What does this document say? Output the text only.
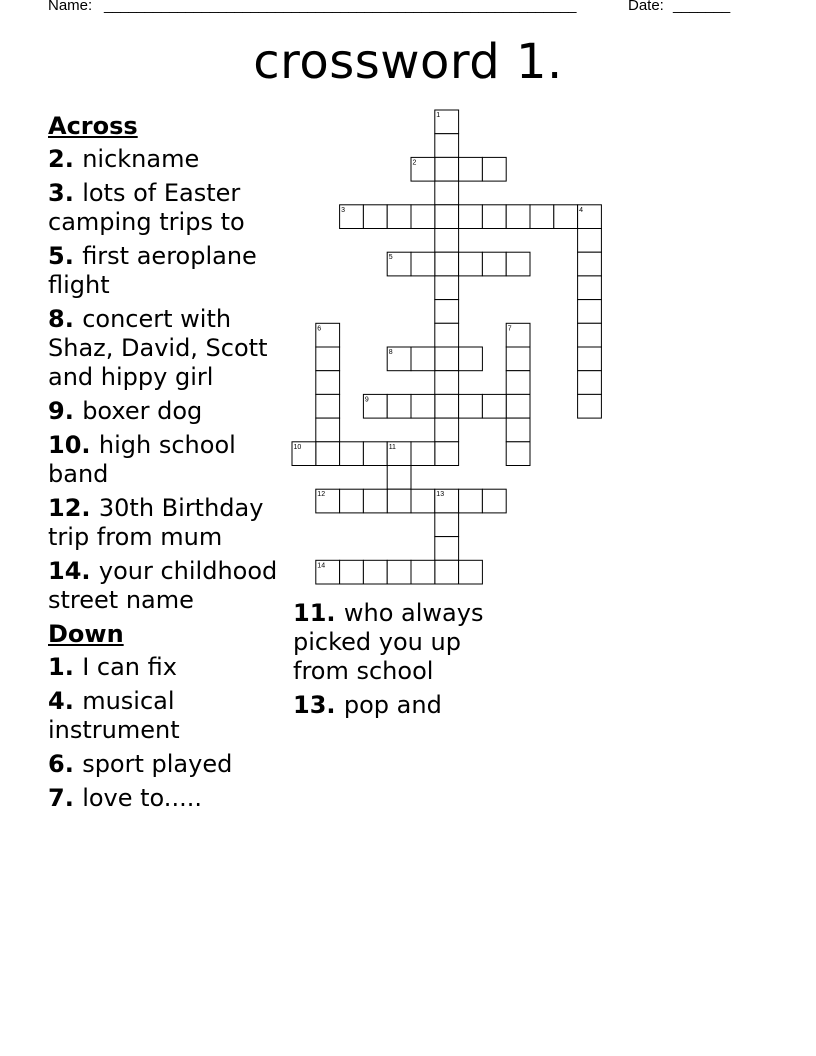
Name: __________________________________________________________	Date: _______
crossword 1.
Across
2 . nickname
3 . lots of Easter camping trips to
5 . first aeroplane flight
8 . concert with Shaz, David, Scott and hippy girl
9 . boxer dog
10 . high school band
12 . 30th Birthday trip from mum
14 . your childhood street name
Down
1 . I can fix
4 . musical instrument
6 . sport played
7 . love to.....
11 . who always picked you up from school
13 . pop and
1
2
3	4
5
6	7
8
9
10	11
12	13
14
